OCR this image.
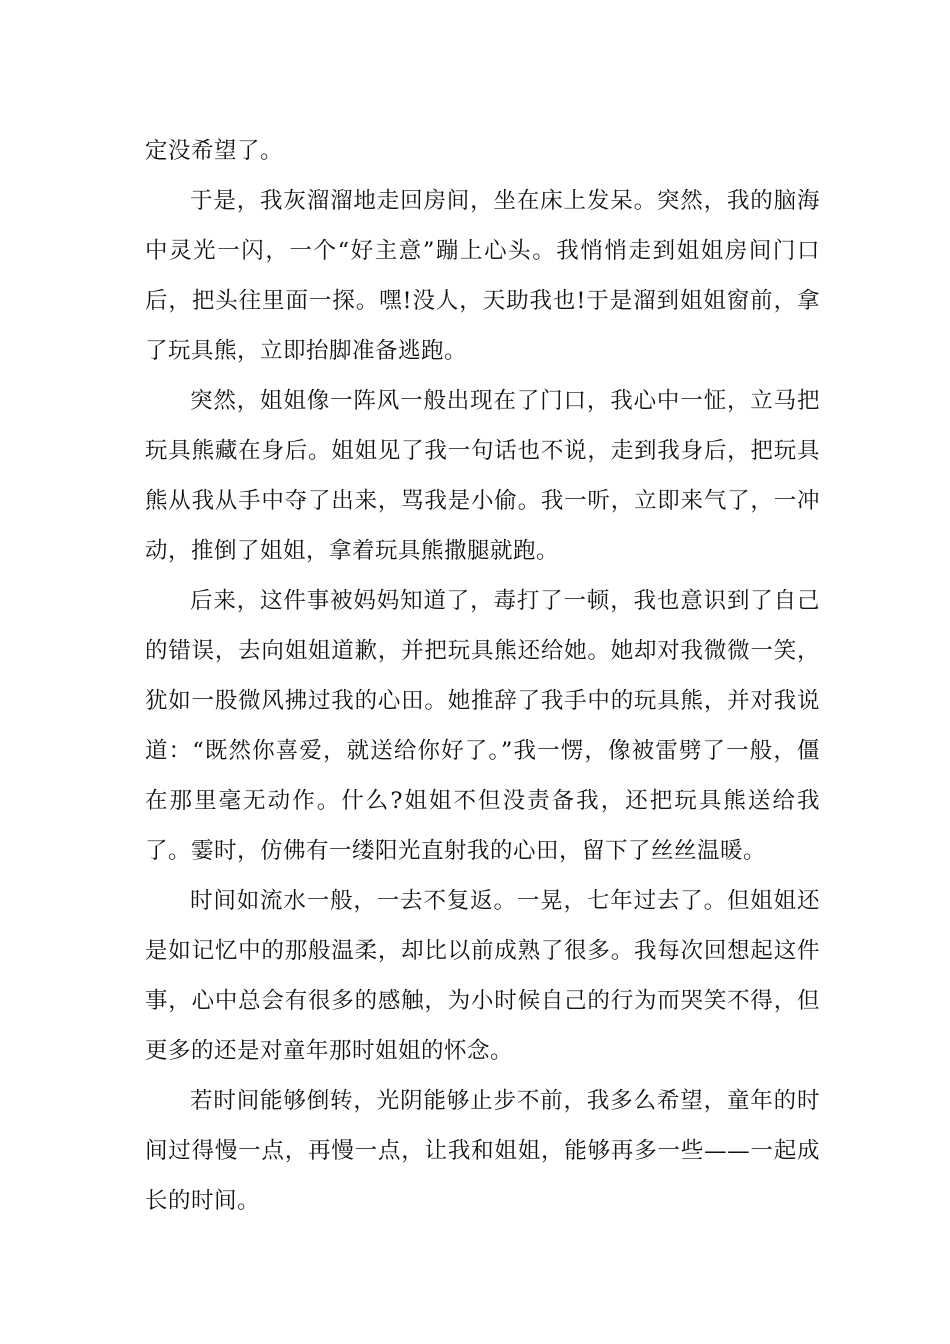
定没希望了。

于是，我灰溜溜地走回房间，坐在床上发呆。突然，我的脑海中灵光一闪，一个“好主意”蹦上心头。我悄悄走到姐姐房间门口后，把头往里面一探。嘿!没人，天助我也!于是溜到姐姐窗前，拿了玩具熊，立即抬脚准备逃跑。

突然，姐姐像一阵风一般出现在了门口，我心中一怔，立马把玩具熊藏在身后。姐姐见了我一句话也不说，走到我身后，把玩具熊从我从手中夺了出来，骂我是小偷。我一听，立即来气了，一冲动，推倒了姐姐，拿着玩具熊撒腿就跑。

后来，这件事被妈妈知道了，毒打了一顿，我也意识到了自己的错误，去向姐姐道歉，并把玩具熊还给她。她却对我微微一笑，犹如一股微风拂过我的心田。她推辞了我手中的玩具熊，并对我说道：“既然你喜爱，就送给你好了。”我一愣，像被雷劈了一般，僵在那里毫无动作。什么?姐姐不但没责备我，还把玩具熊送给我了。霎时，仿佛有一缕阳光直射我的心田，留下了丝丝温暖。

时间如流水一般，一去不复返。一晃，七年过去了。但姐姐还是如记忆中的那般温柔，却比以前成熟了很多。我每次回想起这件事，心中总会有很多的感触，为小时候自己的行为而哭笑不得，但更多的还是对童年那时姐姐的怀念。

若时间能够倒转，光阴能够止步不前，我多么希望，童年的时间过得慢一点，再慢一点，让我和姐姐，能够再多一些——一起成长的时间。
